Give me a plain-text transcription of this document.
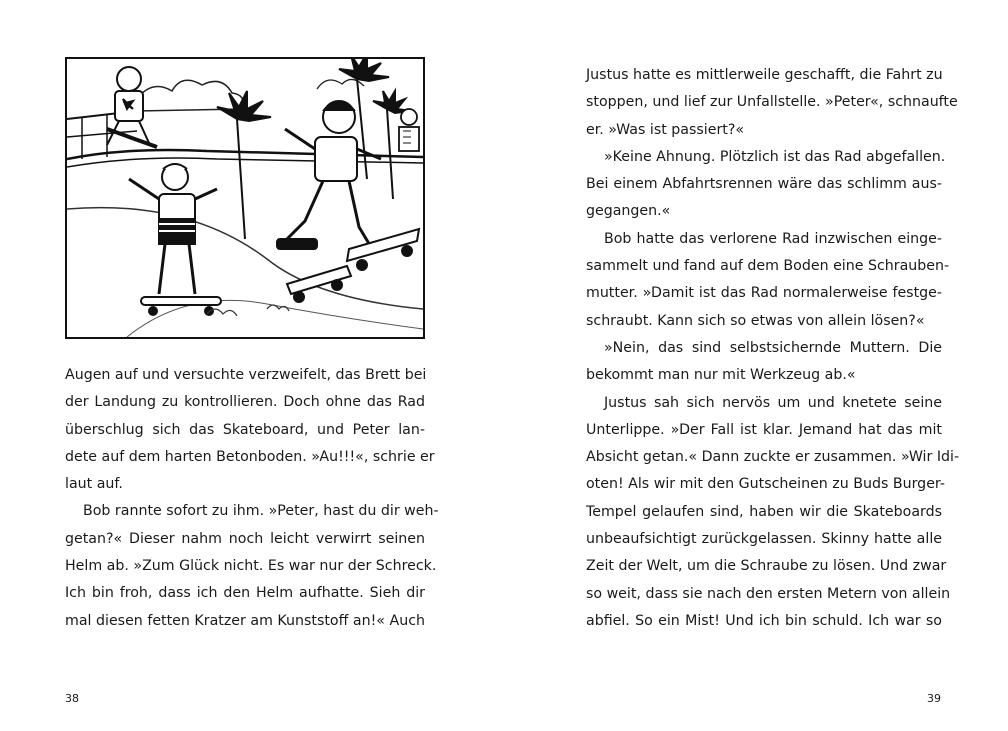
Augen auf und versuchte verzweifelt, das Brett bei
der Landung zu kontrollieren. Doch ohne das Rad
überschlug sich das Skateboard, und Peter lan-
dete auf dem harten Betonboden. »Au!!!«, schrie er
laut auf.
Bob rannte sofort zu ihm. »Peter, hast du dir weh-
getan?« Dieser nahm noch leicht verwirrt seinen
Helm ab. »Zum Glück nicht. Es war nur der Schreck.
Ich bin froh, dass ich den Helm aufhatte. Sieh dir
mal diesen fetten Kratzer am Kunststoff an!« Auch
38
Justus hatte es mittlerweile geschafft, die Fahrt zu
stoppen, und lief zur Unfallstelle. »Peter«, schnaufte
er. »Was ist passiert?«
»Keine Ahnung. Plötzlich ist das Rad abgefallen.
Bei einem Abfahrtsrennen wäre das schlimm aus-
gegangen.«
Bob hatte das verlorene Rad inzwischen einge-
sammelt und fand auf dem Boden eine Schrauben-
mutter. »Damit ist das Rad normalerweise festge-
schraubt. Kann sich so etwas von allein lösen?«
»Nein, das sind selbstsichernde Muttern. Die
bekommt man nur mit Werkzeug ab.«
Justus sah sich nervös um und knetete seine
Unterlippe. »Der Fall ist klar. Jemand hat das mit
Absicht getan.« Dann zuckte er zusammen. »Wir Idi-
oten! Als wir mit den Gutscheinen zu Buds Burger-
Tempel gelaufen sind, haben wir die Skateboards
unbeaufsichtigt zurückgelassen. Skinny hatte alle
Zeit der Welt, um die Schraube zu lösen. Und zwar
so weit, dass sie nach den ersten Metern von allein
abfiel. So ein Mist! Und ich bin schuld. Ich war so
39
